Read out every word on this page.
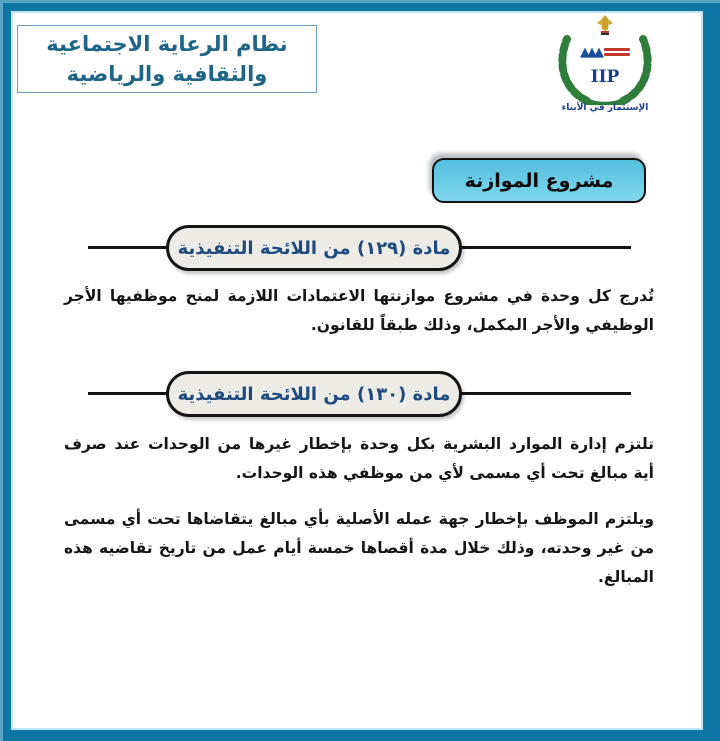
نظام الرعاية الاجتماعية
والثقافية والرياضية
▲▲▲
IIP
الإستثمار في الأبناء
مشروع الموازنة
مادة (١٢٩) من اللائحة التنفيذية

تُدرج كل وحدة في مشروع موازنتها الاعتمادات اللازمة لمنح موظفيها الأجر الوظيفي والأجر المكمل، وذلك طبقاً للقانون.

مادة (١٣٠) من اللائحة التنفيذية

تلتزم إدارة الموارد البشرية بكل وحدة بإخطار غيرها من الوحدات عند صرف أية مبالغ تحت أي مسمى لأي من موظفي هذه الوحدات.

ويلتزم الموظف بإخطار جهة عمله الأصلية بأي مبالغ يتقاضاها تحت أي مسمى من غير وحدته، وذلك خلال مدة أقصاها خمسة أيام عمل من تاريخ تقاضيه هذه المبالغ.
